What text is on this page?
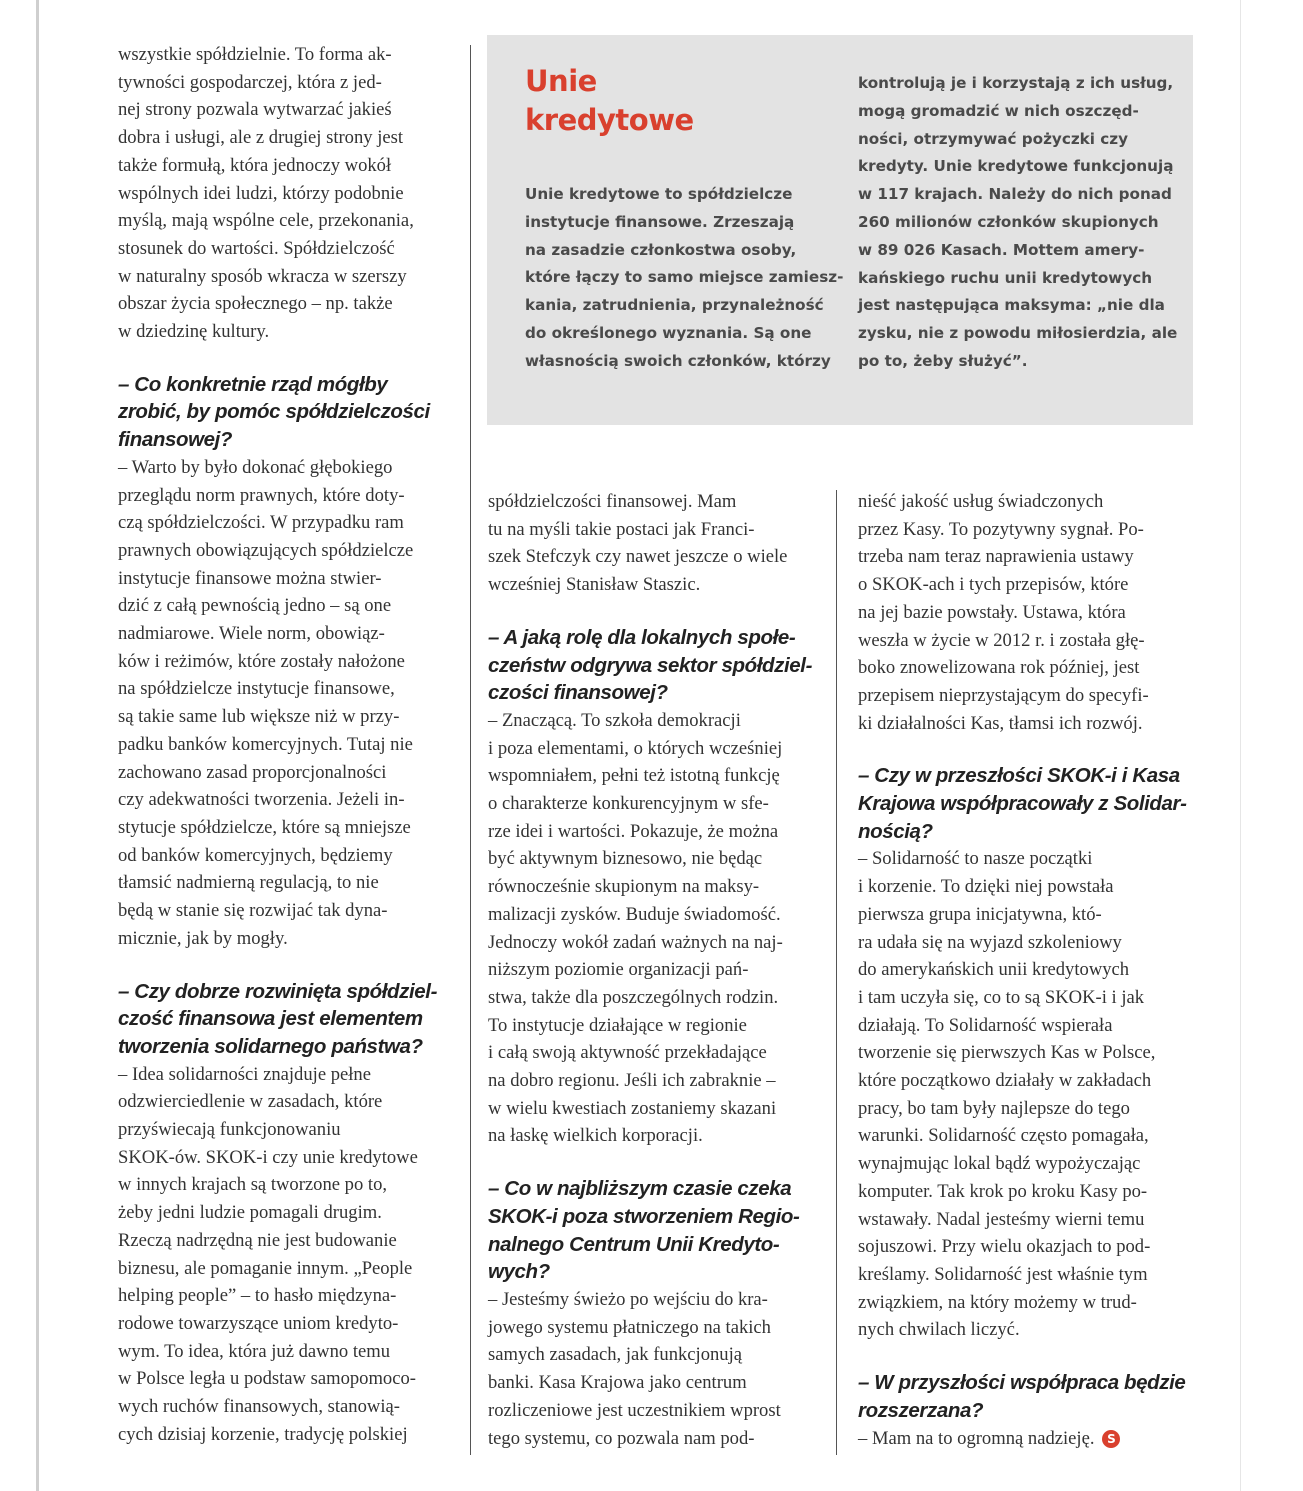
Unie
kredytowe

Unie kredytowe to spółdzielcze

instytucje finansowe. Zrzeszają

na zasadzie członkostwa osoby,

które łączy to samo miejsce zamiesz-

kania, zatrudnienia, przynależność

do określonego wyznania. Są one

własnością swoich członków, którzy

kontrolują je i korzystają z ich usług,

mogą gromadzić w nich oszczęd-

ności, otrzymywać pożyczki czy

kredyty. Unie kredytowe funkcjonują

w 117 krajach. Należy do nich ponad

260 milionów członków skupionych

w 89 026 Kasach. Mottem amery-

kańskiego ruchu unii kredytowych

jest następująca maksyma: „nie dla

zysku, nie z powodu miłosierdzia, ale

po to, żeby służyć”.

wszystkie spółdzielnie. To forma ak-

tywności gospodarczej, która z jed-

nej strony pozwala wytwarzać jakieś

dobra i usługi, ale z drugiej strony jest

także formułą, która jednoczy wokół

wspólnych idei ludzi, którzy podobnie

myślą, mają wspólne cele, przekonania,

stosunek do wartości. Spółdzielczość

w naturalny sposób wkracza w szerszy

obszar życia społecznego – np. także

w dziedzinę kultury.

– Co konkretnie rząd mógłby
zrobić, by pomóc spółdzielczości
finansowej?

– Warto by było dokonać głębokiego

przeglądu norm prawnych, które doty-

czą spółdzielczości. W przypadku ram

prawnych obowiązujących spółdzielcze

instytucje finansowe można stwier-

dzić z całą pewnością jedno – są one

nadmiarowe. Wiele norm, obowiąz-

ków i reżimów, które zostały nałożone

na spółdzielcze instytucje finansowe,

są takie same lub większe niż w przy-

padku banków komercyjnych. Tutaj nie

zachowano zasad proporcjonalności

czy adekwatności tworzenia. Jeżeli in-

stytucje spółdzielcze, które są mniejsze

od banków komercyjnych, będziemy

tłamsić nadmierną regulacją, to nie

będą w stanie się rozwijać tak dyna-

micznie, jak by mogły.

– Czy dobrze rozwinięta spółdziel-
czość finansowa jest elementem
tworzenia solidarnego państwa?

– Idea solidarności znajduje pełne

odzwierciedlenie w zasadach, które

przyświecają funkcjonowaniu

SKOK-ów. SKOK-i czy unie kredytowe

w innych krajach są tworzone po to,

żeby jedni ludzie pomagali drugim.

Rzeczą nadrzędną nie jest budowanie

biznesu, ale pomaganie innym. „People

helping people” – to hasło międzyna-

rodowe towarzyszące uniom kredyto-

wym. To idea, która już dawno temu

w Polsce legła u podstaw samopomoco-

wych ruchów finansowych, stanowią-

cych dzisiaj korzenie, tradycję polskiej

spółdzielczości finansowej. Mam

tu na myśli takie postaci jak Franci-

szek Stefczyk czy nawet jeszcze o wiele

wcześniej Stanisław Staszic.

– A jaką rolę dla lokalnych społe-
czeństw odgrywa sektor spółdziel-
czości finansowej?

– Znaczącą. To szkoła demokracji

i poza elementami, o których wcześniej

wspomniałem, pełni też istotną funkcję

o charakterze konkurencyjnym w sfe-

rze idei i wartości. Pokazuje, że można

być aktywnym biznesowo, nie będąc

równocześnie skupionym na maksy-

malizacji zysków. Buduje świadomość.

Jednoczy wokół zadań ważnych na naj-

niższym poziomie organizacji pań-

stwa, także dla poszczególnych rodzin.

To instytucje działające w regionie

i całą swoją aktywność przekładające

na dobro regionu. Jeśli ich zabraknie –

w wielu kwestiach zostaniemy skazani

na łaskę wielkich korporacji.

– Co w najbliższym czasie czeka
SKOK-i poza stworzeniem Regio-
nalnego Centrum Unii Kredyto-
wych?

– Jesteśmy świeżo po wejściu do kra-

jowego systemu płatniczego na takich

samych zasadach, jak funkcjonują

banki. Kasa Krajowa jako centrum

rozliczeniowe jest uczestnikiem wprost

tego systemu, co pozwala nam pod-

nieść jakość usług świadczonych

przez Kasy. To pozytywny sygnał. Po-

trzeba nam teraz naprawienia ustawy

o SKOK-ach i tych przepisów, które

na jej bazie powstały. Ustawa, która

weszła w życie w 2012 r. i została głę-

boko znowelizowana rok później, jest

przepisem nieprzystającym do specyfi-

ki działalności Kas, tłamsi ich rozwój.

– Czy w przeszłości SKOK-i i Kasa
Krajowa współpracowały z Solidar-
nością?

– Solidarność to nasze początki

i korzenie. To dzięki niej powstała

pierwsza grupa inicjatywna, któ-

ra udała się na wyjazd szkoleniowy

do amerykańskich unii kredytowych

i tam uczyła się, co to są SKOK-i i jak

działają. To Solidarność wspierała

tworzenie się pierwszych Kas w Polsce,

które początkowo działały w zakładach

pracy, bo tam były najlepsze do tego

warunki. Solidarność często pomagała,

wynajmując lokal bądź wypożyczając

komputer. Tak krok po kroku Kasy po-

wstawały. Nadal jesteśmy wierni temu

sojuszowi. Przy wielu okazjach to pod-

kreślamy. Solidarność jest właśnie tym

związkiem, na który możemy w trud-

nych chwilach liczyć.

– W przyszłości współpraca będzie
rozszerzana?

– Mam na to ogromną nadzieję. S
